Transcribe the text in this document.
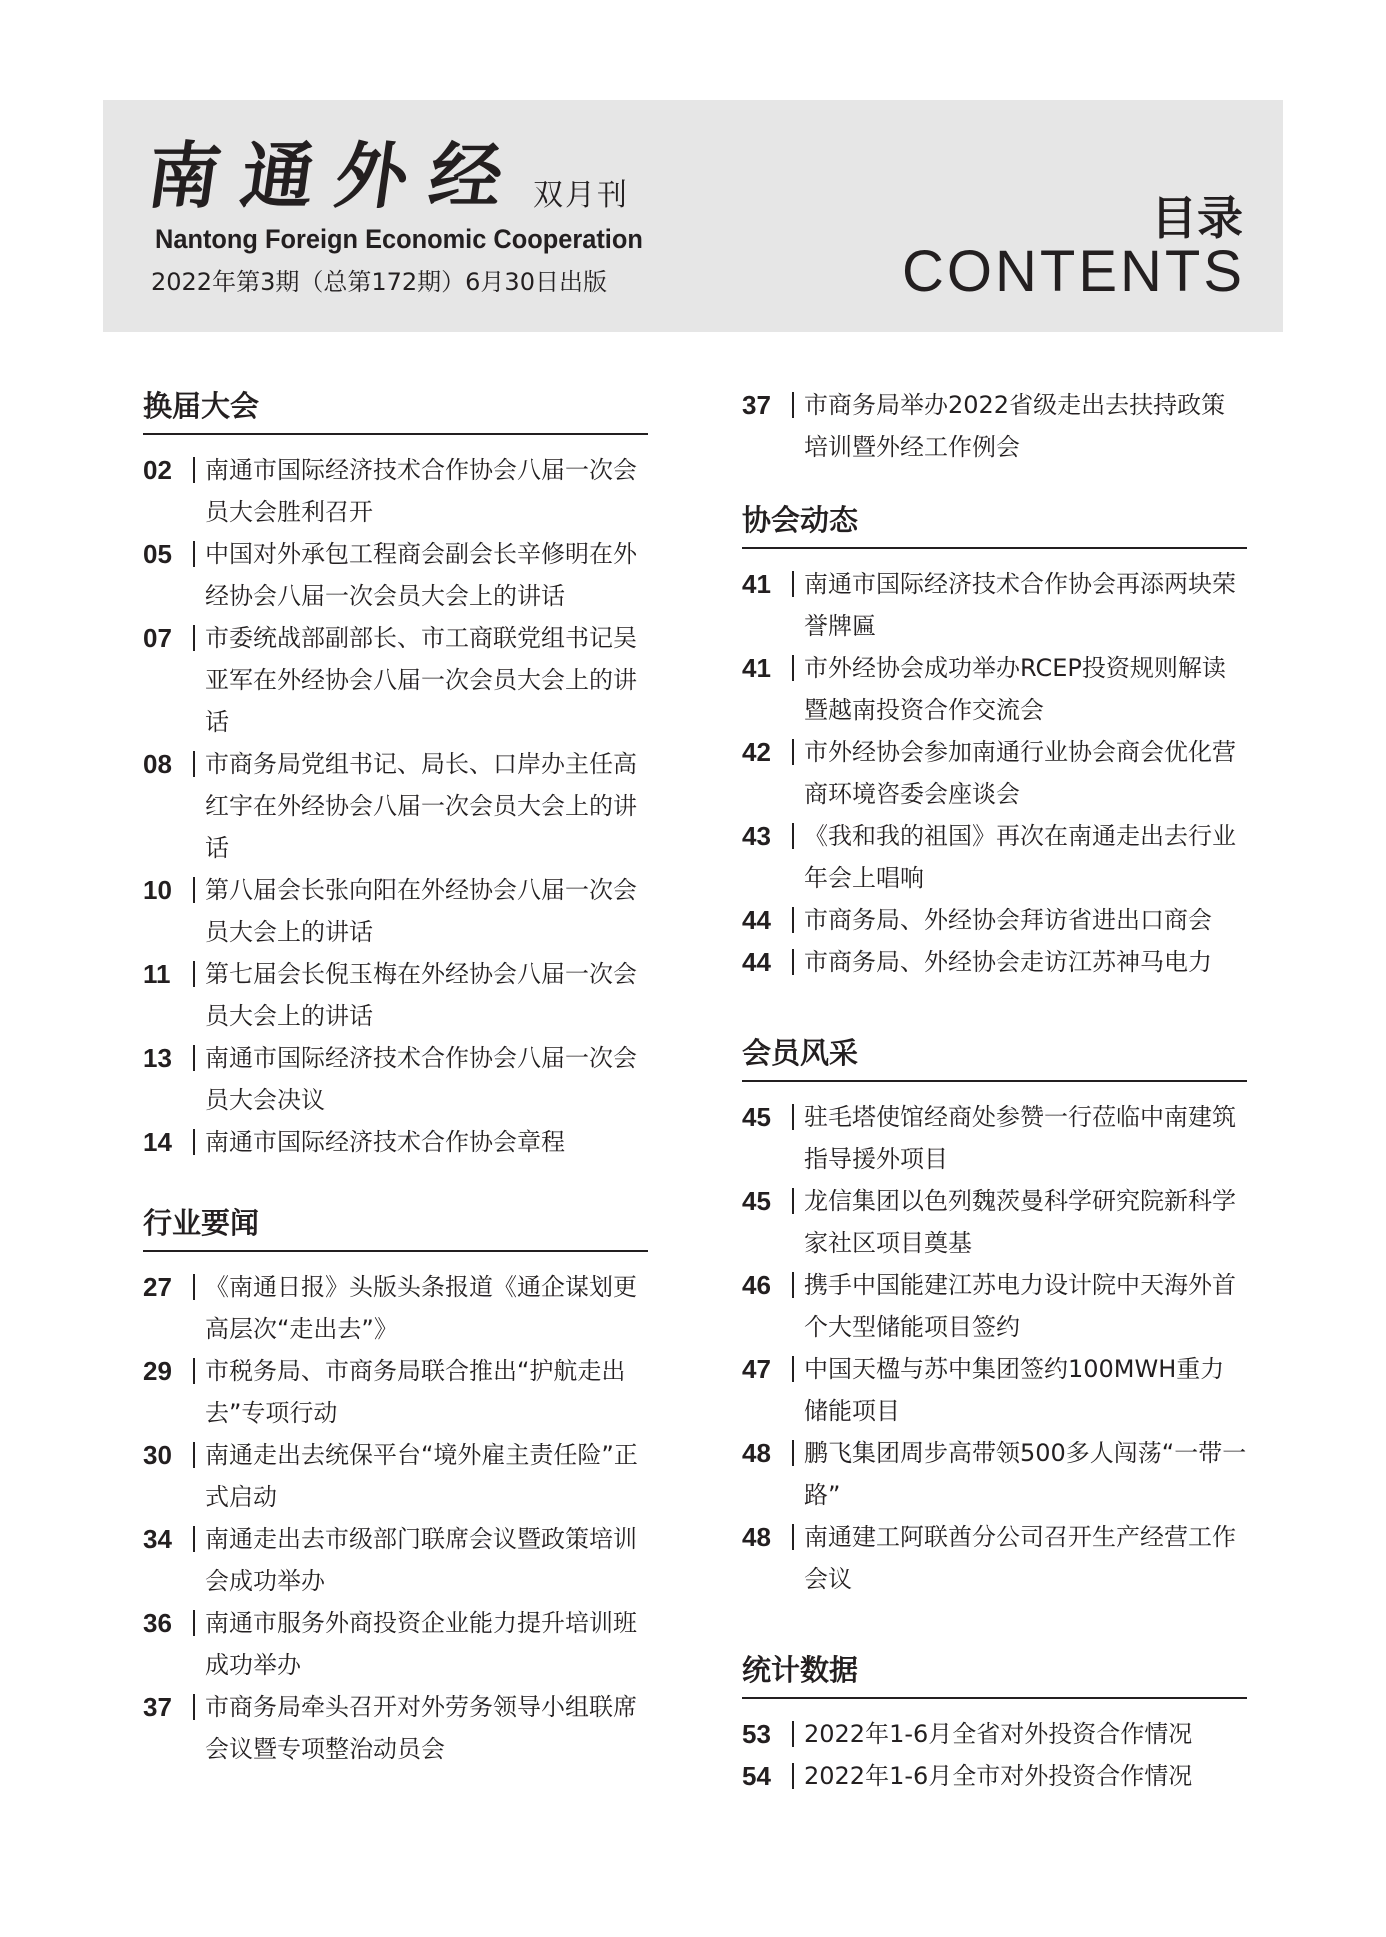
南通外经 双月刊
Nantong Foreign Economic Cooperation
2022年第3期（总第172期）6月30日出版
目录
CONTENTS
换届大会
02	南通市国际经济技术合作协会八届一次会员大会胜利召开
05	中国对外承包工程商会副会长辛修明在外经协会八届一次会员大会上的讲话
07	市委统战部副部长、市工商联党组书记吴亚军在外经协会八届一次会员大会上的讲话
08	市商务局党组书记、局长、口岸办主任高红宇在外经协会八届一次会员大会上的讲话
10	第八届会长张向阳在外经协会八届一次会员大会上的讲话
11	第七届会长倪玉梅在外经协会八届一次会员大会上的讲话
13	南通市国际经济技术合作协会八届一次会员大会决议
14	南通市国际经济技术合作协会章程
行业要闻
27	《南通日报》头版头条报道《通企谋划更高层次“走出去”》
29	市税务局、市商务局联合推出“护航走出去”专项行动
30	南通走出去统保平台“境外雇主责任险”正式启动
34	南通走出去市级部门联席会议暨政策培训会成功举办
36	南通市服务外商投资企业能力提升培训班成功举办
37	市商务局牵头召开对外劳务领导小组联席会议暨专项整治动员会
37	市商务局举办2022省级走出去扶持政策培训暨外经工作例会
协会动态
41	南通市国际经济技术合作协会再添两块荣誉牌匾
41	市外经协会成功举办RCEP投资规则解读暨越南投资合作交流会
42	市外经协会参加南通行业协会商会优化营商环境咨委会座谈会
43	《我和我的祖国》再次在南通走出去行业年会上唱响
44	市商务局、外经协会拜访省进出口商会
44	市商务局、外经协会走访江苏神马电力
会员风采
45	驻毛塔使馆经商处参赞一行莅临中南建筑指导援外项目
45	龙信集团以色列魏茨曼科学研究院新科学家社区项目奠基
46	携手中国能建江苏电力设计院中天海外首个大型储能项目签约
47	中国天楹与苏中集团签约100MWH重力储能项目
48	鹏飞集团周步高带领500多人闯荡“一带一路”
48	南通建工阿联酋分公司召开生产经营工作会议
统计数据
53	2022年1-6月全省对外投资合作情况
54	2022年1-6月全市对外投资合作情况
